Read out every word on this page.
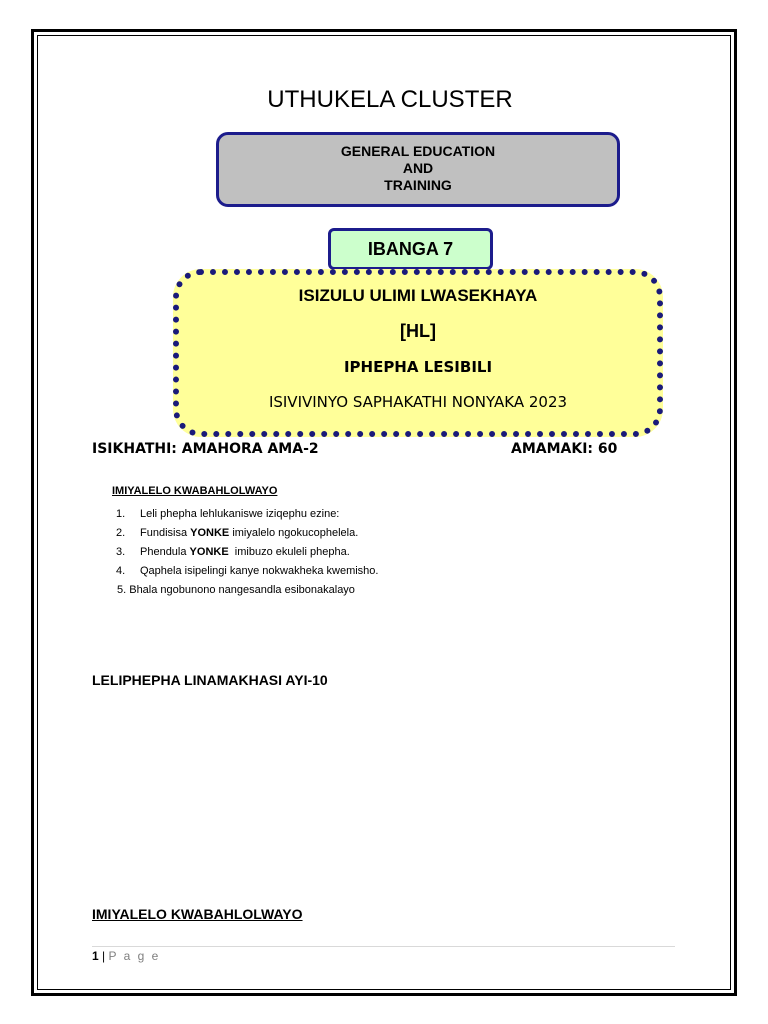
UTHUKELA CLUSTER
GENERAL EDUCATION
AND
TRAINING
IBANGA 7
ISIZULU ULIMI LWASEKHAYA
[HL]
IPHEPHA LESIBILI
ISIVIVINYO SAPHAKATHI NONYAKA 2023
ISIKHATHI: AMAHORA AMA-2	AMAMAKI: 60
IMIYALELO KWABAHLOLWAYO
1. Leli phepha lehlukaniswe iziqephu ezine:
2. Fundisisa YONKE imiyalelo ngokucophelela.
3. Phendula YONKE  imibuzo ekuleli phepha.
4. Qaphela isipelingi kanye nokwakheka kwemisho.
5. Bhala ngobunono nangesandla esibonakalayo
LELIPHEPHA LINAMAKHASI AYI-10
IMIYALELO KWABAHLOLWAYO
1 | P a g e
